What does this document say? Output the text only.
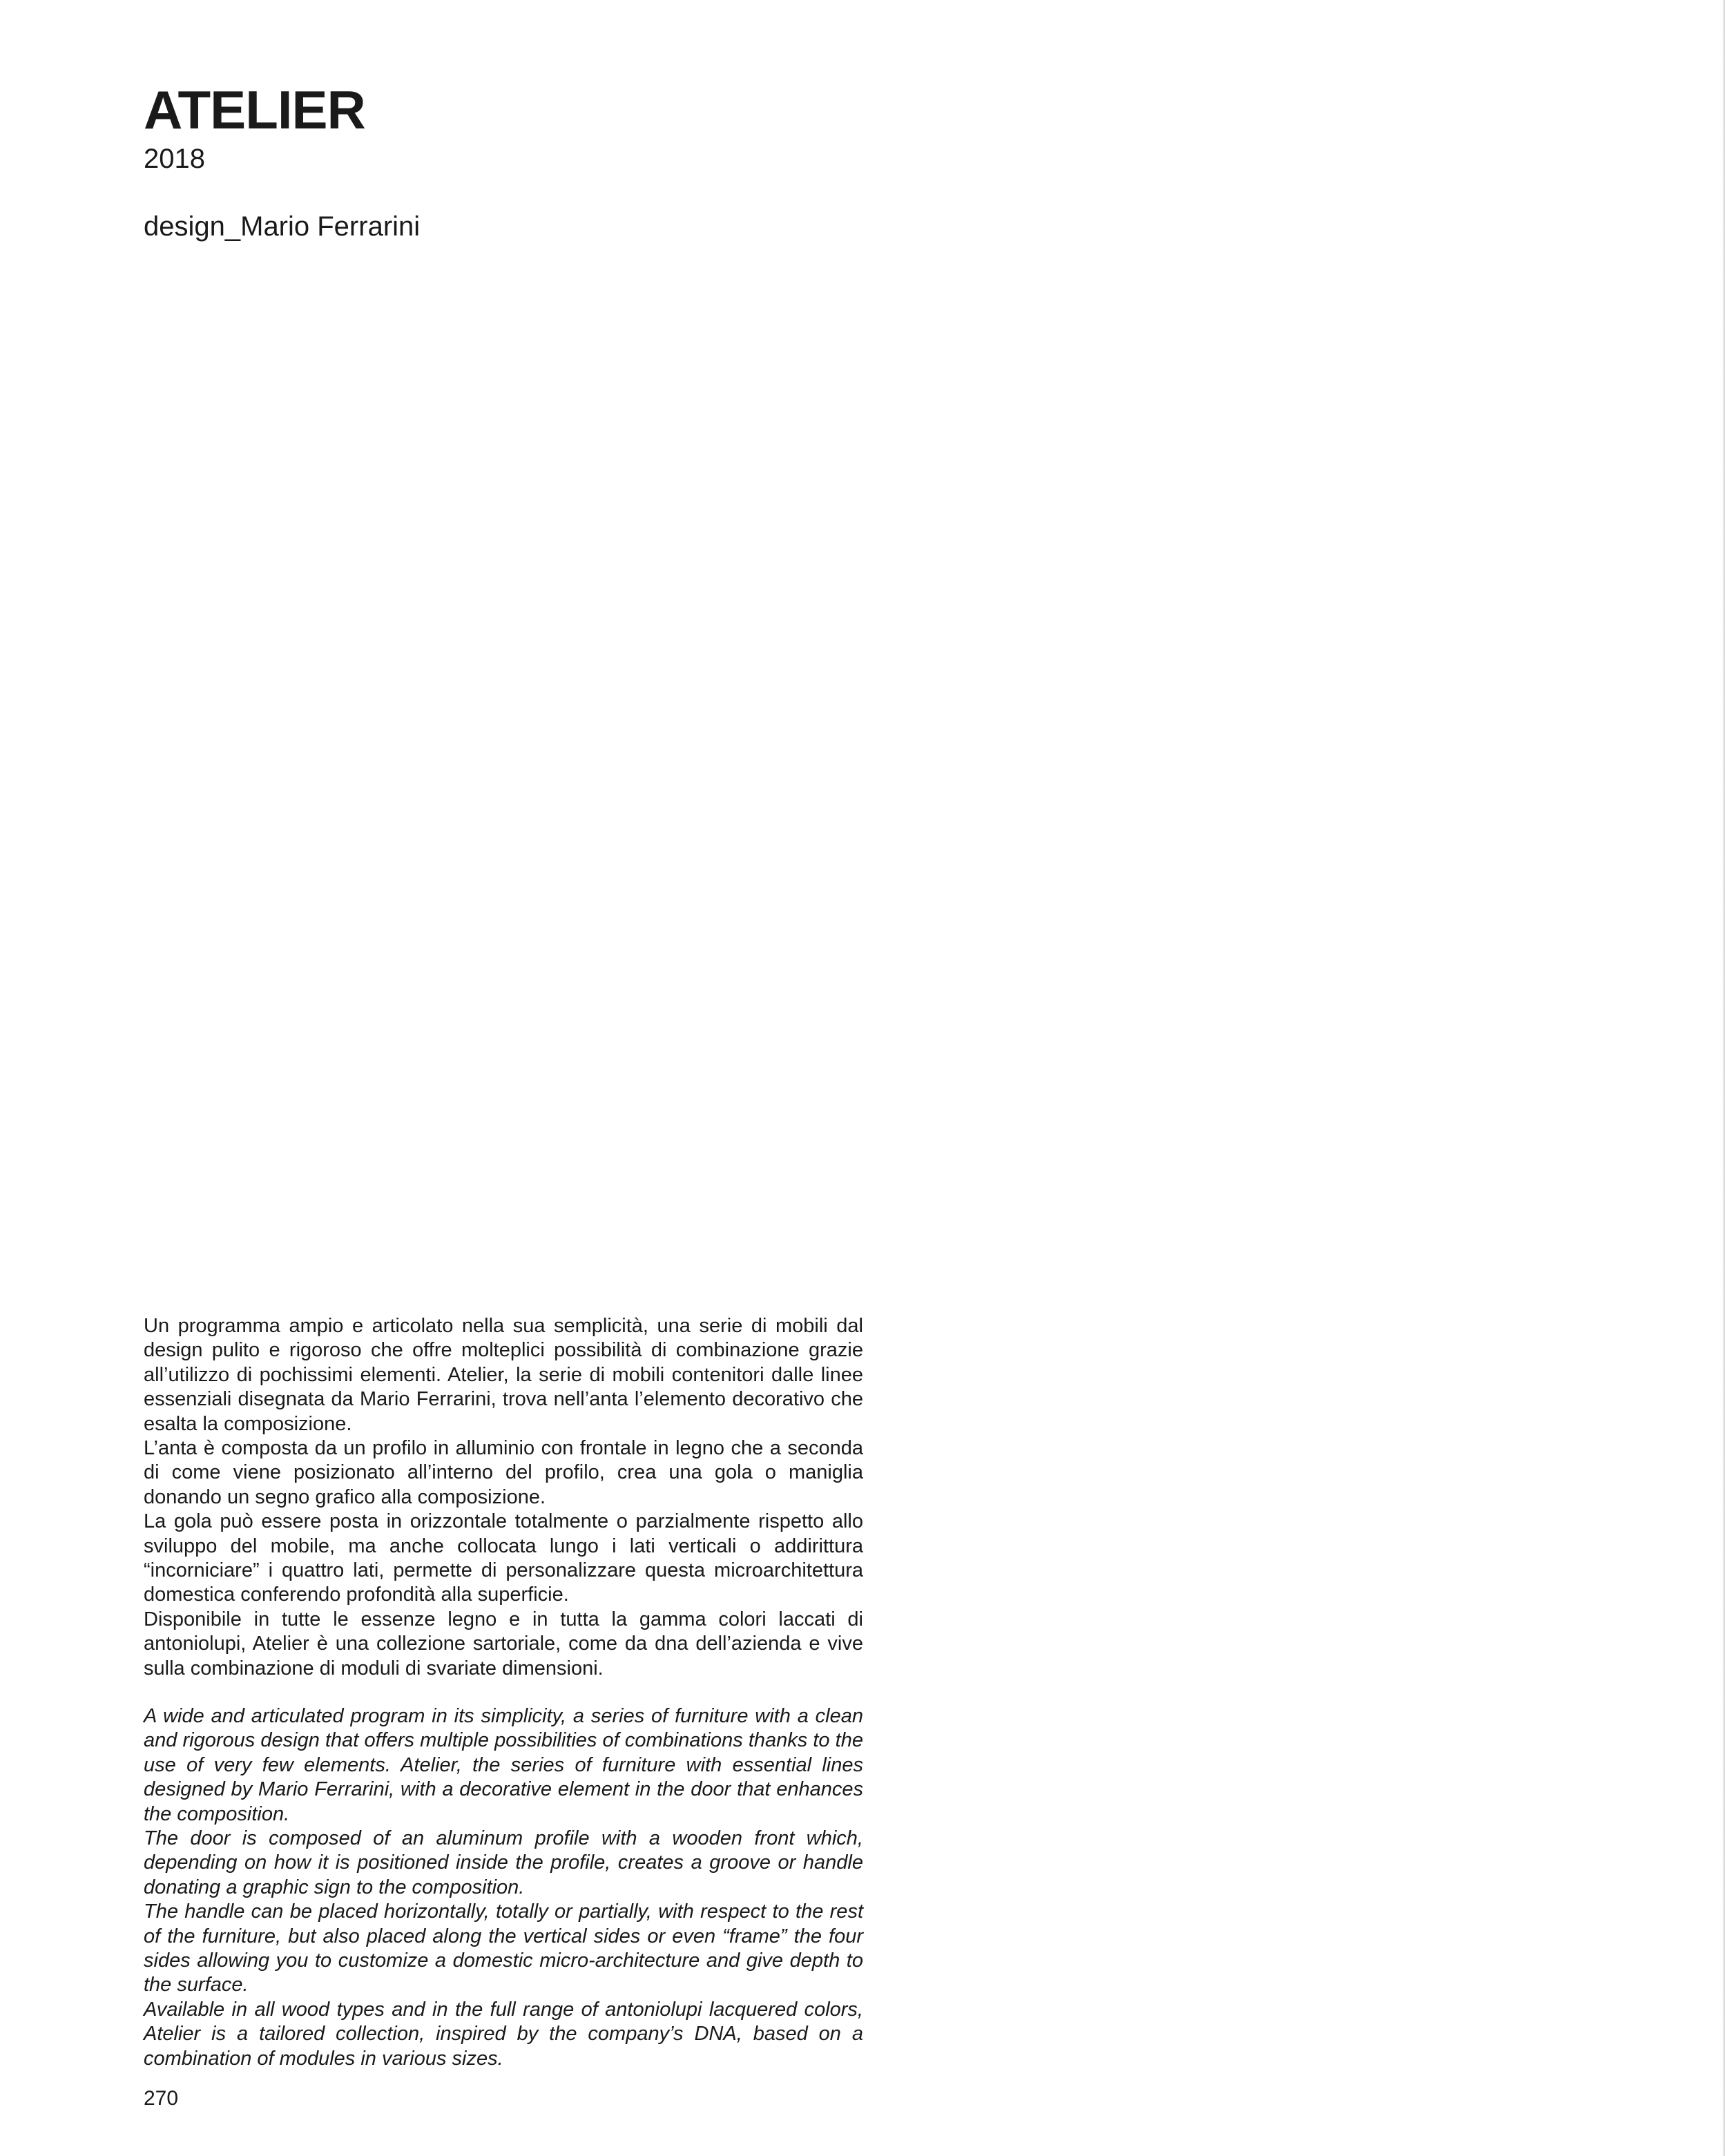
ATELIER
2018
design_Mario Ferrarini

Un programma ampio e articolato nella sua semplicità, una serie di mobili dal design pulito e rigoroso che offre molteplici possibilità di combinazione grazie all’utilizzo di pochissimi elementi. Atelier, la serie di mobili contenitori dalle linee essenziali disegnata da Mario Ferrarini, trova nell’anta l’elemento decorativo che esalta la composizione.

L’anta è composta da un profilo in alluminio con frontale in legno che a seconda di come viene posizionato all’interno del profilo, crea una gola o maniglia donando un segno grafico alla composizione.

La gola può essere posta in orizzontale totalmente o parzialmente rispetto allo sviluppo del mobile, ma anche collocata lungo i lati verticali o addirittura “incorniciare” i quattro lati, permette di personalizzare questa microarchitettura domestica conferendo profondità alla superficie.

Disponibile in tutte le essenze legno e in tutta la gamma colori laccati di antoniolupi, Atelier è una collezione sartoriale, come da dna dell’azienda e vive sulla combinazione di moduli di svariate dimensioni.

A wide and articulated program in its simplicity, a series of furniture with a clean and rigorous design that offers multiple possibilities of combinations thanks to the use of very few elements. Atelier, the series of furniture with essential lines designed by Mario Ferrarini, with a decorative element in the door that enhances the composition.

The door is composed of an aluminum profile with a wooden front which, depending on how it is positioned inside the profile, creates a groove or handle donating a graphic sign to the composition.

The handle can be placed horizontally, totally or partially, with respect to the rest of the furniture, but also placed along the vertical sides or even “frame” the four sides allowing you to customize a domestic micro-architecture and give depth to the surface.

Available in all wood types and in the full range of antoniolupi lacquered colors, Atelier is a tailored collection, inspired by the company’s DNA, based on a combination of modules in various sizes.

270
